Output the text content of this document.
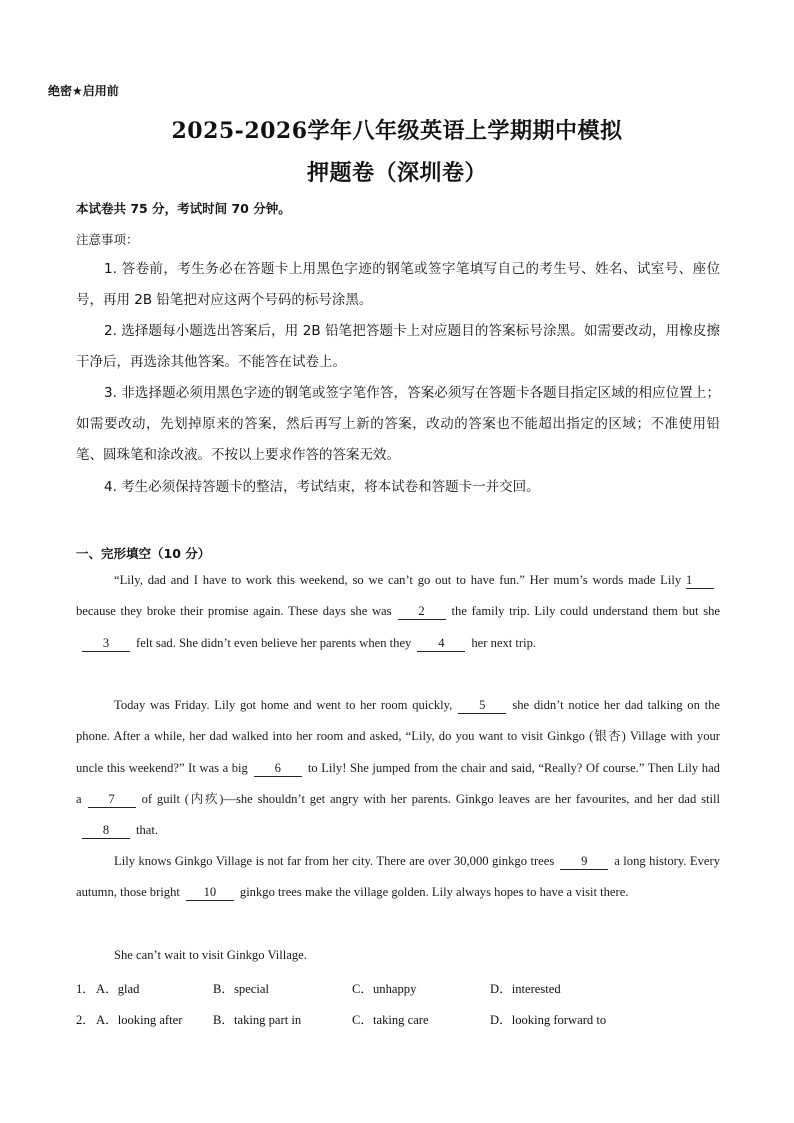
绝密★启用前
2025-2026学年八年级英语上学期期中模拟
押题卷（深圳卷）
本试卷共 75 分，考试时间 70 分钟。
注意事项：
1. 答卷前，考生务必在答题卡上用黑色字迹的钢笔或签字笔填写自己的考生号、姓名、试室号、座位号，再用 2B 铅笔把对应这两个号码的标号涂黑。
2. 选择题每小题选出答案后，用 2B 铅笔把答题卡上对应题目的答案标号涂黑。如需要改动，用橡皮擦干净后，再选涂其他答案。不能答在试卷上。
3. 非选择题必须用黑色字迹的钢笔或签字笔作答，答案必须写在答题卡各题目指定区域的相应位置上；如需要改动，先划掉原来的答案，然后再写上新的答案，改动的答案也不能超出指定的区域；不准使用铅笔、圆珠笔和涂改液。不按以上要求作答的答案无效。
4. 考生必须保持答题卡的整洁，考试结束，将本试卷和答题卡一并交回。
一、完形填空（10 分）
“Lily, dad and I have to work this weekend, so we can’t go out to have fun.” Her mum’s words made Lily 1because they broke their promise again. These days she was 2 the family trip. Lily could understand them but she3 felt sad. She didn’t even believe her parents when they 4 her next trip.
Today was Friday. Lily got home and went to her room quickly, 5 she didn’t notice her dad talking on the phone. After a while, her dad walked into her room and asked, “Lily, do you want to visit Ginkgo (银杏) Village with your uncle this weekend?” It was a big 6 to Lily! She jumped from the chair and said, “Really? Of course.” Then Lily had a 7 of guilt (内疚)—she shouldn’t get angry with her parents. Ginkgo leaves are her favourites, and her dad still8 that.
Lily knows Ginkgo Village is not far from her city. There are over 30,000 ginkgo trees 9 a long history. Every autumn, those bright 10 ginkgo trees make the village golden. Lily always hopes to have a visit there.
She can’t wait to visit Ginkgo Village.
1． A．glad	B．special	C．unhappy	D．interested
2． A．looking after B．taking part in	C．taking care	D．looking forward to
